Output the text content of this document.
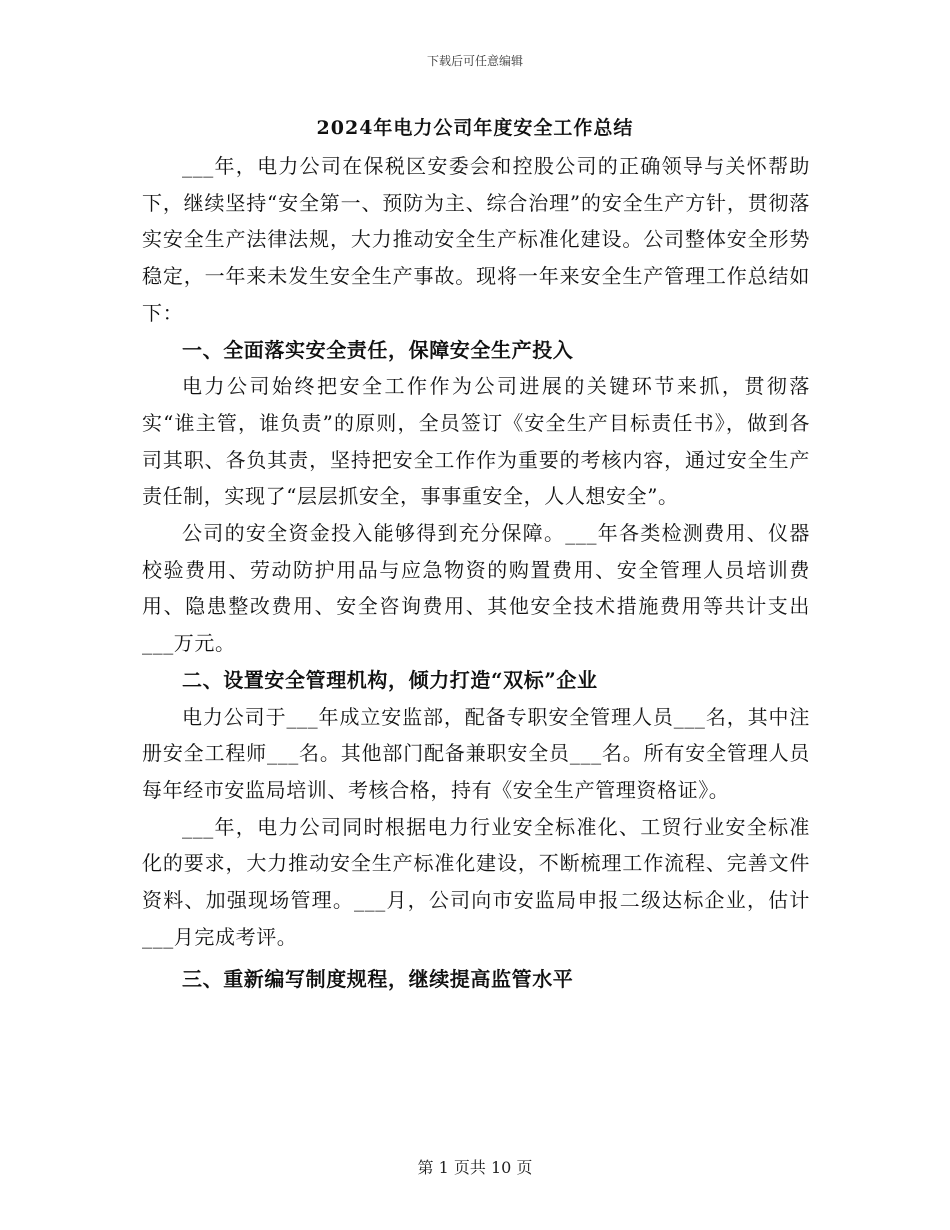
下载后可任意编辑
2024年电力公司年度安全工作总结

___年，电力公司在保税区安委会和控股公司的正确领导与关怀帮助下，继续坚持“安全第一、预防为主、综合治理”的安全生产方针，贯彻落实安全生产法律法规，大力推动安全生产标准化建设。公司整体安全形势稳定，一年来未发生安全生产事故。现将一年来安全生产管理工作总结如下：

一、全面落实安全责任，保障安全生产投入

电力公司始终把安全工作作为公司进展的关键环节来抓，贯彻落实“谁主管，谁负责”的原则，全员签订《安全生产目标责任书》，做到各司其职、各负其责，坚持把安全工作作为重要的考核内容，通过安全生产责任制，实现了“层层抓安全，事事重安全，人人想安全”。

公司的安全资金投入能够得到充分保障。___年各类检测费用、仪器校验费用、劳动防护用品与应急物资的购置费用、安全管理人员培训费用、隐患整改费用、安全咨询费用、其他安全技术措施费用等共计支出___万元。

二、设置安全管理机构，倾力打造“双标”企业

电力公司于___年成立安监部，配备专职安全管理人员___名，其中注册安全工程师___名。其他部门配备兼职安全员___名。所有安全管理人员每年经市安监局培训、考核合格，持有《安全生产管理资格证》。

___年，电力公司同时根据电力行业安全标准化、工贸行业安全标准化的要求，大力推动安全生产标准化建设，不断梳理工作流程、完善文件资料、加强现场管理。___月，公司向市安监局申报二级达标企业，估计___月完成考评。

三、重新编写制度规程，继续提高监管水平

第 1 页共 10 页
